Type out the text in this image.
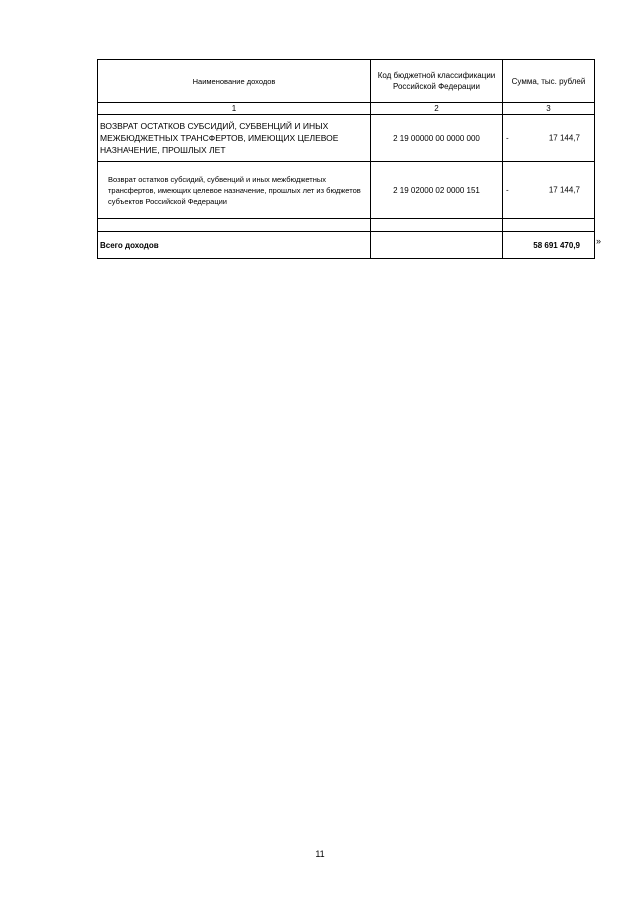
Наименование доходов	Код бюджетной классификации Российской Федерации	Сумма, тыс. рублей

1	2	3
ВОЗВРАТ ОСТАТКОВ СУБСИДИЙ, СУБВЕНЦИЙ И ИНЫХ МЕЖБЮДЖЕТНЫХ ТРАНСФЕРТОВ, ИМЕЮЩИХ ЦЕЛЕВОЕ НАЗНАЧЕНИЕ, ПРОШЛЫХ ЛЕТ	2 19 00000 00 0000 000	- 17 144,7

Возврат остатков субсидий, субвенций и иных межбюджетных трансфертов, имеющих целевое назначение, прошлых лет из бюджетов субъектов Российской Федерации	2 19 02000 02 0000 151	- 17 144,7

Всего доходов		58 691 470,9 »
11
